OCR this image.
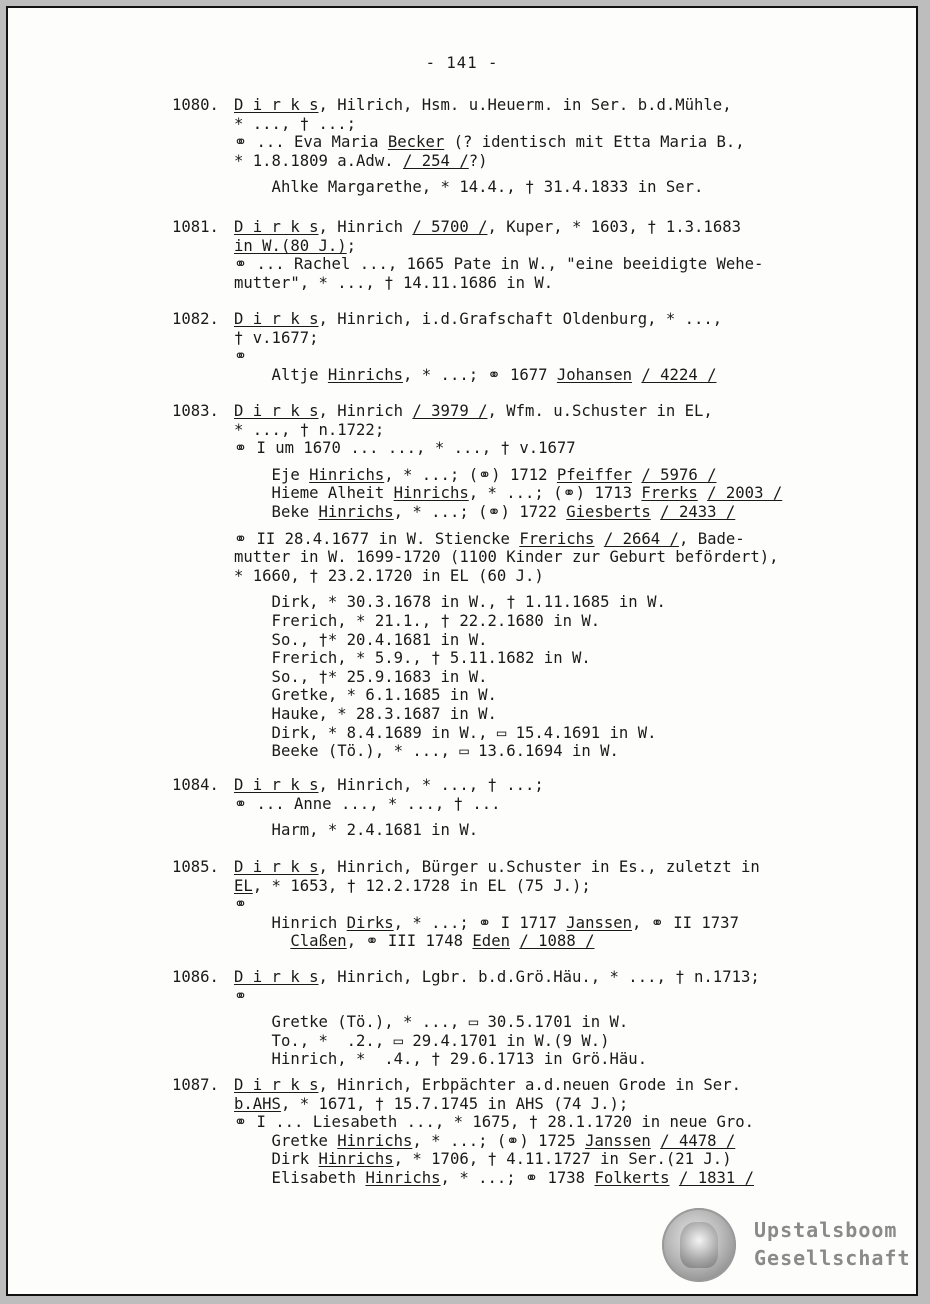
- 141 -
1080. D i r k s, Hilrich, Hsm. u.Heuerm. in Ser. b.d.Mühle,
* ..., † ...;
⚭ ... Eva Maria Becker (? identisch mit Etta Maria B.,
* 1.8.1809 a.Adw. / 254 /?)
Ahlke Margarethe, * 14.4., † 31.4.1833 in Ser.
1081. D i r k s, Hinrich / 5700 /, Kuper, * 1603, † 1.3.1683
in W.(80 J.);
⚭ ... Rachel ..., 1665 Pate in W., "eine beeidigte Wehe-
mutter", * ..., † 14.11.1686 in W.
1082. D i r k s, Hinrich, i.d.Grafschaft Oldenburg, * ...,
† v.1677;
⚭
Altje Hinrichs, * ...; ⚭ 1677 Johansen / 4224 /
1083. D i r k s, Hinrich / 3979 /, Wfm. u.Schuster in EL,
* ..., † n.1722;
⚭ I um 1670 ... ..., * ..., † v.1677
Eje Hinrichs, * ...; (⚭) 1712 Pfeiffer / 5976 /
Hieme Alheit Hinrichs, * ...; (⚭) 1713 Frerks / 2003 /
Beke Hinrichs, * ...; (⚭) 1722 Giesberts / 2433 /
⚭ II 28.4.1677 in W. Stiencke Frerichs / 2664 /, Bade-
mutter in W. 1699-1720 (1100 Kinder zur Geburt befördert),
* 1660, † 23.2.1720 in EL (60 J.)
Dirk, * 30.3.1678 in W., † 1.11.1685 in W.
Frerich, * 21.1., † 22.2.1680 in W.
So., †* 20.4.1681 in W.
Frerich, * 5.9., † 5.11.1682 in W.
So., †* 25.9.1683 in W.
Gretke, * 6.1.1685 in W.
Hauke, * 28.3.1687 in W.
Dirk, * 8.4.1689 in W., ▭ 15.4.1691 in W.
Beeke (Tö.), * ..., ▭ 13.6.1694 in W.
1084. D i r k s, Hinrich, * ..., † ...;
⚭ ... Anne ..., * ..., † ...
Harm, * 2.4.1681 in W.
1085. D i r k s, Hinrich, Bürger u.Schuster in Es., zuletzt in
EL, * 1653, † 12.2.1728 in EL (75 J.);
⚭
Hinrich Dirks, * ...; ⚭ I 1717 Janssen, ⚭ II 1737
Claßen, ⚭ III 1748 Eden / 1088 /
1086. D i r k s, Hinrich, Lgbr. b.d.Grö.Häu., * ..., † n.1713;
⚭
Gretke (Tö.), * ..., ▭ 30.5.1701 in W.
To., *  .2., ▭ 29.4.1701 in W.(9 W.)
Hinrich, *  .4., † 29.6.1713 in Grö.Häu.
1087. D i r k s, Hinrich, Erbpächter a.d.neuen Grode in Ser.
b.AHS, * 1671, † 15.7.1745 in AHS (74 J.);
⚭ I ... Liesabeth ..., * 1675, † 28.1.1720 in neue Gro.
Gretke Hinrichs, * ...; (⚭) 1725 Janssen / 4478 /
Dirk Hinrichs, * 1706, † 4.11.1727 in Ser.(21 J.)
Elisabeth Hinrichs, * ...; ⚭ 1738 Folkerts / 1831 /
Upstalsboom
Gesellschaft
